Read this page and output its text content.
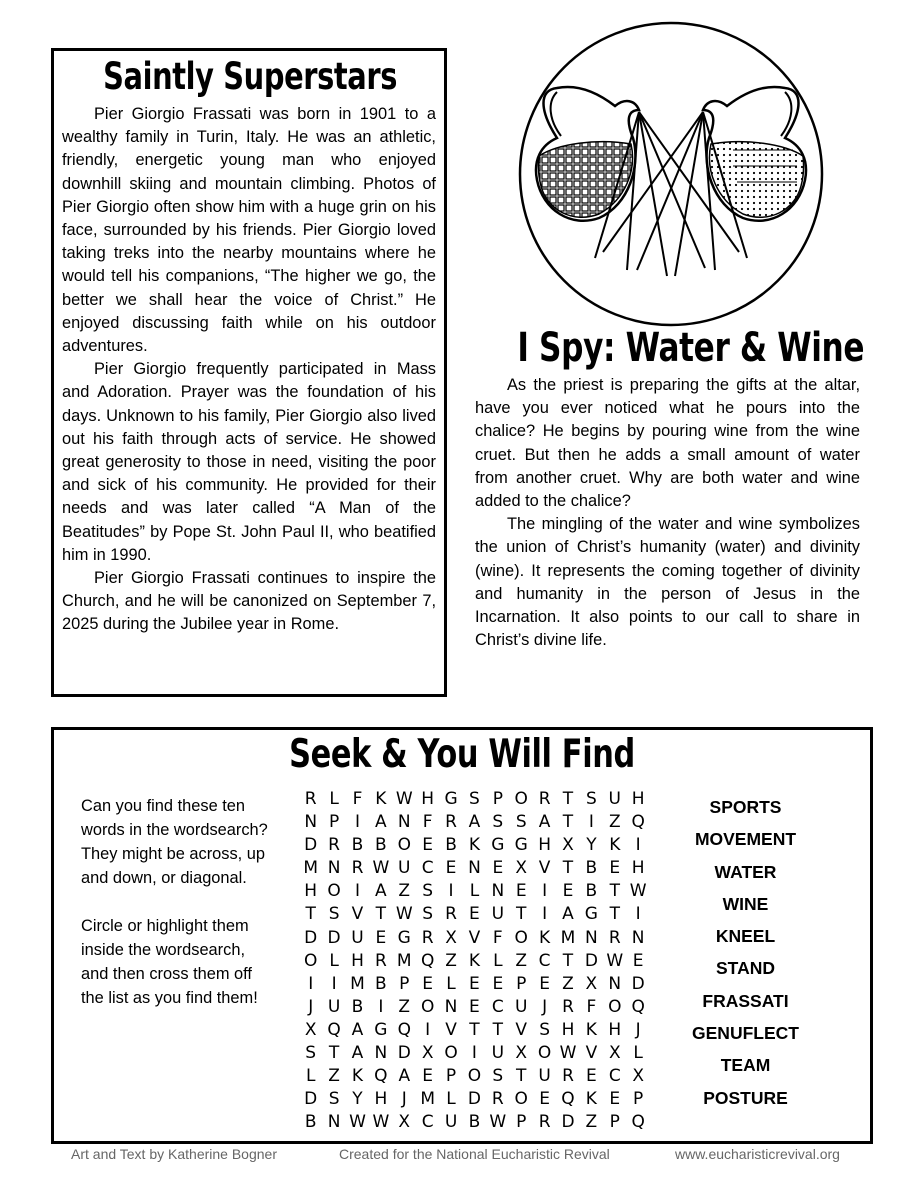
Saintly Superstars

Pier Giorgio Frassati was born in 1901 to a wealthy family in Turin, Italy. He was an athletic, friendly, energetic young man who enjoyed downhill skiing and mountain climbing. Photos of Pier Giorgio often show him with a huge grin on his face, surrounded by his friends. Pier Giorgio loved taking treks into the nearby mountains where he would tell his companions, “The higher we go, the better we shall hear the voice of Christ.” He enjoyed discussing faith while on his outdoor adventures.

Pier Giorgio frequently participated in Mass and Adoration. Prayer was the foundation of his days. Unknown to his family, Pier Giorgio also lived out his faith through acts of service. He showed great generosity to those in need, visiting the poor and sick of his community. He provided for their needs and was later called “A Man of the Beatitudes” by Pope St. John Paul II, who beatified him in 1990.

Pier Giorgio Frassati continues to inspire the Church, and he will be canonized on September 7, 2025 during the Jubilee year in Rome.

I Spy: Water & Wine

As the priest is preparing the gifts at the altar, have you ever noticed what he pours into the chalice? He begins by pouring wine from the wine cruet. But then he adds a small amount of water from another cruet. Why are both water and wine added to the chalice?

The mingling of the water and wine symbolizes the union of Christ’s humanity (water) and divinity (wine). It represents the coming together of divinity and humanity in the person of Jesus in the Incarnation. It also points to our call to share in Christ’s divine life.

Seek & You Will Find

Can you find these ten words in the wordsearch? They might be across, up and down, or diagonal.

Circle or highlight them inside the wordsearch, and then cross them off the list as you find them!

R L F K W H G S P O R T S U H
N P I A N F R A S S A T I Z Q
D R B B O E B K G G H X Y K I
M N R W U C E N E X V T B E H
H O I A Z S I L N E I E B T W
T S V T W S R E U T I A G T I
D D U E G R X V F O K M N R N
O L H R M Q Z K L Z C T D W E
I	I M B P E L E E P E Z X N D
J U B I Z O N E C U J R F O Q
X Q A G Q I V T T V S H K H J
S T A N D X O I U X O W V X L
L Z K Q A E P O S T U R E C X
D S Y H J M L D R O E Q K E P
B N W W X C U B W P R D Z P Q
SPORTS
MOVEMENT
WATER
WINE
KNEEL
STAND
FRASSATI
GENUFLECT
TEAM
POSTURE
Art and Text by Katherine Bogner	Created for the National Eucharistic Revival	www.eucharisticrevival.org
